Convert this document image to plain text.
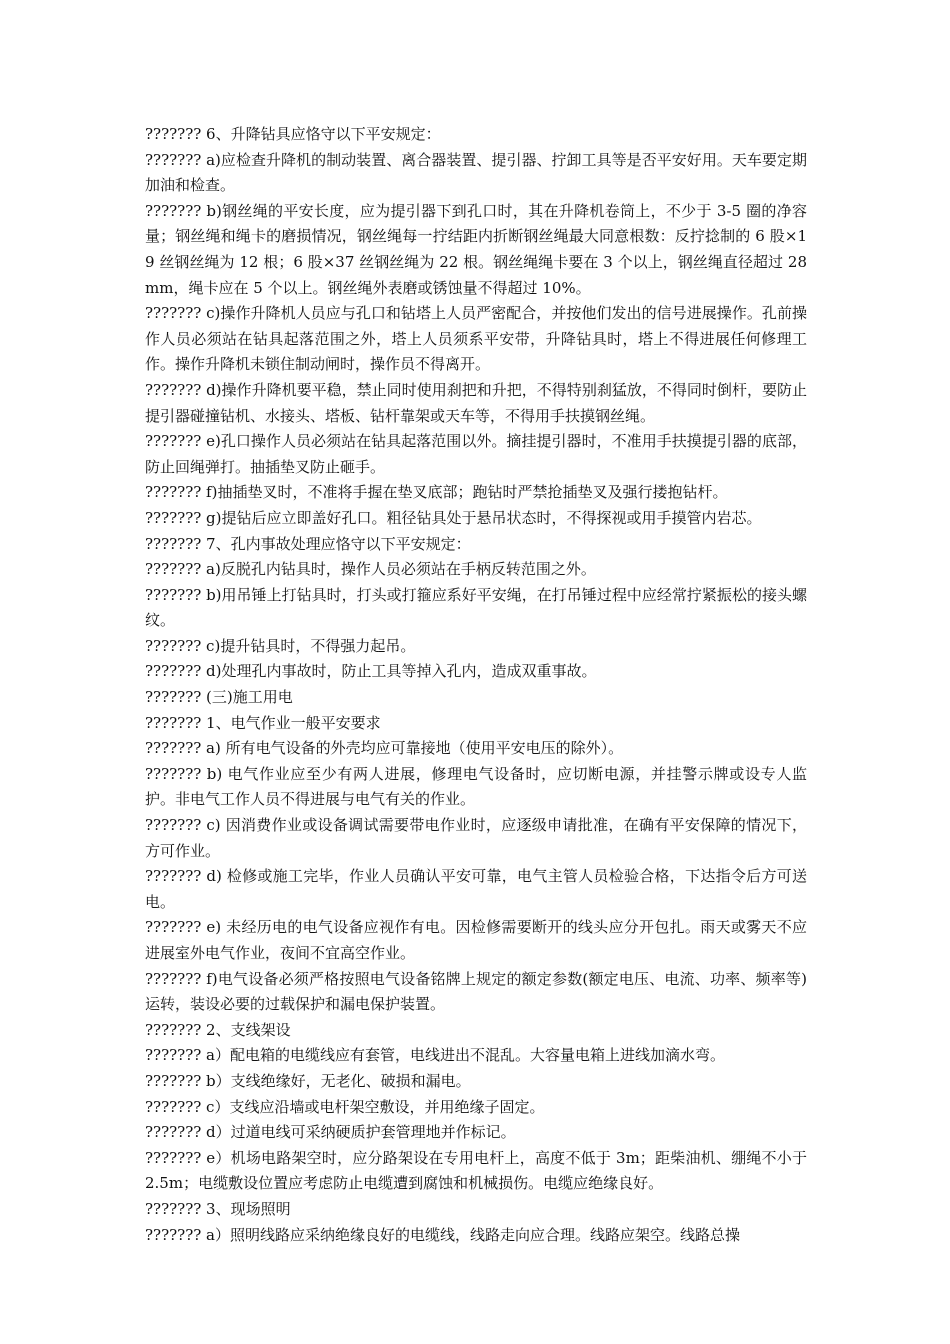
??????? 6、升降钻具应恪守以下平安规定：

??????? a)应检查升降机的制动装置、离合器装置、提引器、拧卸工具等是否平安好用。天车要定期加油和检查。

??????? b)钢丝绳的平安长度，应为提引器下到孔口时，其在升降机卷筒上，不少于 3-5 圈的净容量；钢丝绳和绳卡的磨损情况，钢丝绳每一拧结距内折断钢丝绳最大同意根数：反拧捻制的 6 股×19 丝钢丝绳为 12 根；6 股×37 丝钢丝绳为 22 根。钢丝绳绳卡要在 3 个以上，钢丝绳直径超过 28mm，绳卡应在 5 个以上。钢丝绳外表磨或锈蚀量不得超过 10%。

??????? c)操作升降机人员应与孔口和钻塔上人员严密配合，并按他们发出的信号进展操作。孔前操作人员必须站在钻具起落范围之外，塔上人员须系平安带，升降钻具时，塔上不得进展任何修理工作。操作升降机未锁住制动闸时，操作员不得离开。

??????? d)操作升降机要平稳，禁止同时使用刹把和升把，不得特别刹猛放，不得同时倒杆，要防止提引器碰撞钻机、水接头、塔板、钻杆靠架或天车等，不得用手扶摸钢丝绳。

??????? e)孔口操作人员必须站在钻具起落范围以外。摘挂提引器时，不准用手扶摸提引器的底部，防止回绳弹打。抽插垫叉防止砸手。

??????? f)抽插垫叉时，不准将手握在垫叉底部；跑钻时严禁抢插垫叉及强行搂抱钻杆。

??????? g)提钻后应立即盖好孔口。粗径钻具处于悬吊状态时，不得探视或用手摸管内岩芯。

??????? 7、孔内事故处理应恪守以下平安规定：

??????? a)反脱孔内钻具时，操作人员必须站在手柄反转范围之外。

??????? b)用吊锤上打钻具时，打头或打箍应系好平安绳，在打吊锤过程中应经常拧紧振松的接头螺纹。

??????? c)提升钻具时，不得强力起吊。

??????? d)处理孔内事故时，防止工具等掉入孔内，造成双重事故。

??????? (三)施工用电

??????? 1、电气作业一般平安要求

??????? a) 所有电气设备的外壳均应可靠接地（使用平安电压的除外）。

??????? b) 电气作业应至少有两人进展，修理电气设备时，应切断电源，并挂警示牌或设专人监护。非电气工作人员不得进展与电气有关的作业。

??????? c) 因消费作业或设备调试需要带电作业时，应逐级申请批准，在确有平安保障的情况下，方可作业。

??????? d) 检修或施工完毕，作业人员确认平安可靠，电气主管人员检验合格，下达指令后方可送电。

??????? e) 未经历电的电气设备应视作有电。因检修需要断开的线头应分开包扎。雨天或雾天不应进展室外电气作业，夜间不宜高空作业。

??????? f)电气设备必须严格按照电气设备铭牌上规定的额定参数(额定电压、电流、功率、频率等)运转，装设必要的过载保护和漏电保护装置。

??????? 2、支线架设

??????? a）配电箱的电缆线应有套管，电线进出不混乱。大容量电箱上进线加滴水弯。

??????? b）支线绝缘好，无老化、破损和漏电。

??????? c）支线应沿墙或电杆架空敷设，并用绝缘子固定。

??????? d）过道电线可采纳硬质护套管理地并作标记。

??????? e）机场电路架空时，应分路架设在专用电杆上，高度不低于 3m；距柴油机、绷绳不小于 2.5m；电缆敷设位置应考虑防止电缆遭到腐蚀和机械损伤。电缆应绝缘良好。

??????? 3、现场照明

??????? a）照明线路应采纳绝缘良好的电缆线，线路走向应合理。线路应架空。线路总操
